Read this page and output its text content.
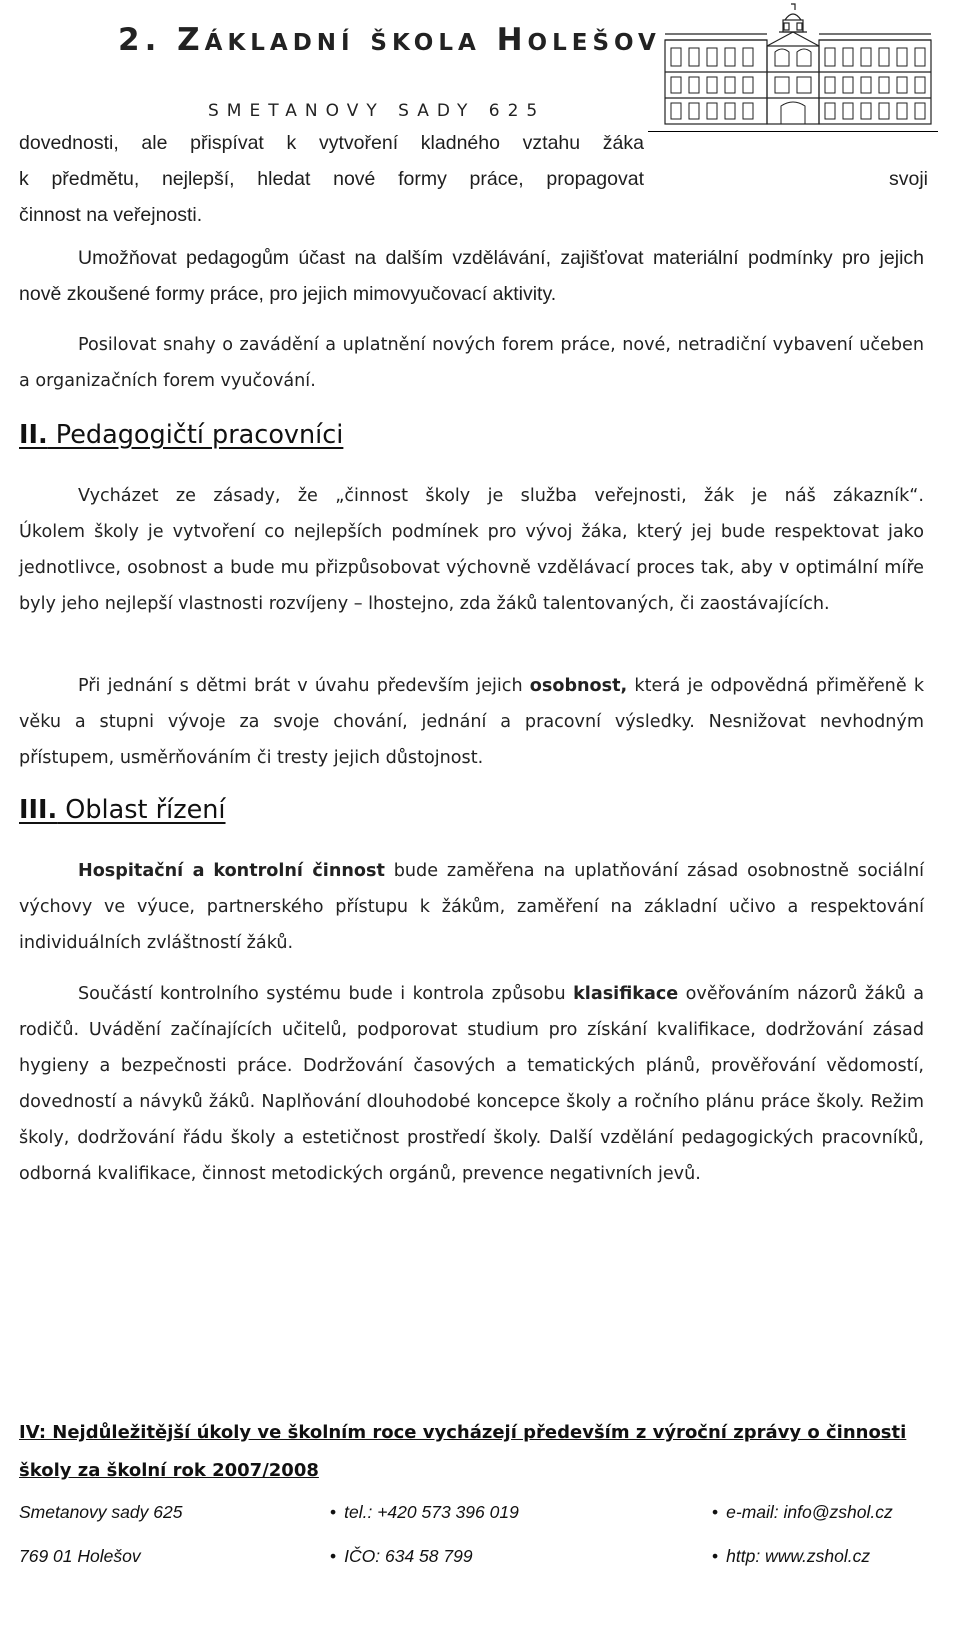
2. ZÁKLADNÍ ŠKOLA HOLEŠOV
SMETANOVY SADY 625

dovednosti, ale přispívat k vytvoření kladného vztahu žáka
k předmětu, nejlepší, hledat nové formy práce, propagovat
činnost na veřejnosti.

svoji

Umožňovat pedagogům účast na dalším vzdělávání, zajišťovat materiální podmínky pro jejich nově zkoušené formy práce, pro jejich mimovyučovací aktivity.

Posilovat snahy o zavádění a uplatnění nových forem práce, nové, netradiční vybavení učeben a organizačních forem vyučování.

II. Pedagogičtí pracovníci

Vycházet ze zásady, že „činnost školy je služba veřejnosti, žák je náš zákazník“.
Úkolem školy je vytvoření co nejlepších podmínek pro vývoj žáka, který jej bude respektovat jako jednotlivce, osobnost a bude mu přizpůsobovat výchovně vzdělávací proces tak, aby v optimální míře byly jeho nejlepší vlastnosti rozvíjeny – lhostejno, zda žáků talentovaných, či zaostávajících.

Při jednání s dětmi brát v úvahu především jejich osobnost, která je odpovědná přiměřeně k věku a stupni vývoje za svoje chování, jednání a pracovní výsledky. Nesnižovat nevhodným přístupem, usměrňováním či tresty jejich důstojnost.

III. Oblast řízení

Hospitační a kontrolní činnost bude zaměřena na uplatňování zásad osobnostně sociální výchovy ve výuce, partnerského přístupu k žákům, zaměření na základní učivo a respektování individuálních zvláštností žáků.

Součástí kontrolního systému bude i kontrola způsobu klasifikace ověřováním názorů žáků a rodičů. Uvádění začínajících učitelů, podporovat studium pro získání kvalifikace, dodržování zásad hygieny a bezpečnosti práce. Dodržování časových a tematických plánů, prověřování vědomostí, dovedností a návyků žáků. Naplňování dlouhodobé koncepce školy a ročního plánu práce školy. Režim školy, dodržování řádu školy a estetičnost prostředí školy. Další vzdělání pedagogických pracovníků, odborná kvalifikace, činnost metodických orgánů, prevence negativních jevů.

IV: Nejdůležitější úkoly ve školním roce vycházejí především z výroční zprávy o činnosti školy za školní rok 2007/2008
Smetanovy sady 625
769 01 Holešov
• tel.: +420 573 396 019
• IČO: 634 58 799
• e-mail: info@zshol.cz
• http: www.zshol.cz
